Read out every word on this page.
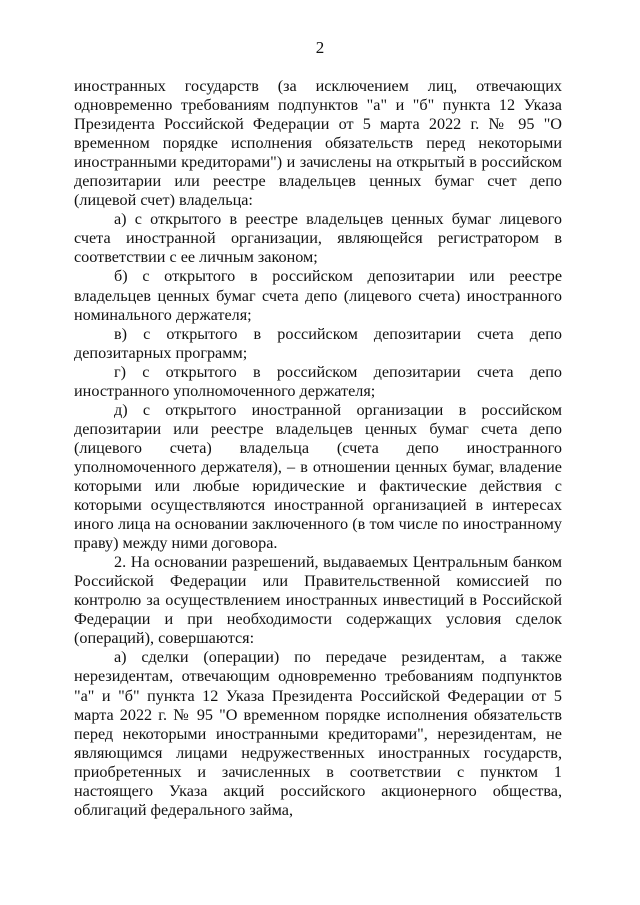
2

иностранных государств (за исключением лиц, отвечающих одновременно требованиям подпунктов "а" и "б" пункта 12 Указа Президента Российской Федерации от 5 марта 2022 г. № 95 "О временном порядке исполнения обязательств перед некоторыми иностранными кредиторами") и зачислены на открытый в российском депозитарии или реестре владельцев ценных бумаг счет депо (лицевой счет) владельца:

а) с открытого в реестре владельцев ценных бумаг лицевого счета иностранной организации, являющейся регистратором в соответствии с ее личным законом;

б) с открытого в российском депозитарии или реестре владельцев ценных бумаг счета депо (лицевого счета) иностранного номинального держателя;

в) с открытого в российском депозитарии счета депо депозитарных программ;

г) с открытого в российском депозитарии счета депо иностранного уполномоченного держателя;

д) с открытого иностранной организации в российском депозитарии или реестре владельцев ценных бумаг счета депо (лицевого счета) владельца (счета депо иностранного уполномоченного держателя), – в отношении ценных бумаг, владение которыми или любые юридические и фактические действия с которыми осуществляются иностранной организацией в интересах иного лица на основании заключенного (в том числе по иностранному праву) между ними договора.

2. На основании разрешений, выдаваемых Центральным банком Российской Федерации или Правительственной комиссией по контролю за осуществлением иностранных инвестиций в Российской Федерации и при необходимости содержащих условия сделок (операций), совершаются:

а) сделки (операции) по передаче резидентам, а также нерезидентам, отвечающим одновременно требованиям подпунктов "а" и "б" пункта 12 Указа Президента Российской Федерации от 5 марта 2022 г. № 95 "О временном порядке исполнения обязательств перед некоторыми иностранными кредиторами", нерезидентам, не являющимся лицами недружественных иностранных государств, приобретенных и зачисленных в соответствии с пунктом 1 настоящего Указа акций российского акционерного общества, облигаций федерального займа,
